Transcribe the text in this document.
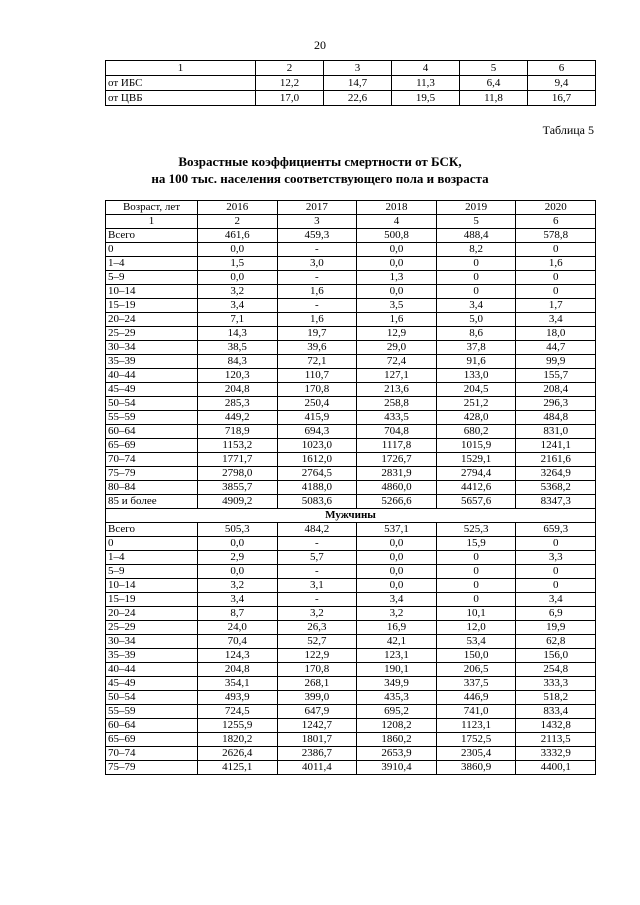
20
1	2	3	4	5	6
от ИБС	12,2	14,7	11,3	6,4	9,4
от ЦВБ	17,0	22,6	19,5	11,8	16,7
Таблица 5
Возрастные коэффициенты смертности от БСК,
на 100 тыс. населения соответствующего пола и возраста
Возраст, лет	2016	2017	2018	2019	2020
1	2	3	4	5	6
Всего	461,6	459,3	500,8	488,4	578,8
0	0,0	-	0,0	8,2	0
1–4	1,5	3,0	0,0	0	1,6
5–9	0,0	-	1,3	0	0
10–14	3,2	1,6	0,0	0	0
15–19	3,4	-	3,5	3,4	1,7
20–24	7,1	1,6	1,6	5,0	3,4
25–29	14,3	19,7	12,9	8,6	18,0
30–34	38,5	39,6	29,0	37,8	44,7
35–39	84,3	72,1	72,4	91,6	99,9
40–44	120,3	110,7	127,1	133,0	155,7
45–49	204,8	170,8	213,6	204,5	208,4
50–54	285,3	250,4	258,8	251,2	296,3
55–59	449,2	415,9	433,5	428,0	484,8
60–64	718,9	694,3	704,8	680,2	831,0
65–69	1153,2	1023,0	1117,8	1015,9	1241,1
70–74	1771,7	1612,0	1726,7	1529,1	2161,6
75–79	2798,0	2764,5	2831,9	2794,4	3264,9
80–84	3855,7	4188,0	4860,0	4412,6	5368,2
85 и более	4909,2	5083,6	5266,6	5657,6	8347,3
Мужчины					
Всего	505,3	484,2	537,1	525,3	659,3
0	0,0	-	0,0	15,9	0
1–4	2,9	5,7	0,0	0	3,3
5–9	0,0	-	0,0	0	0
10–14	3,2	3,1	0,0	0	0
15–19	3,4	-	3,4	0	3,4
20–24	8,7	3,2	3,2	10,1	6,9
25–29	24,0	26,3	16,9	12,0	19,9
30–34	70,4	52,7	42,1	53,4	62,8
35–39	124,3	122,9	123,1	150,0	156,0
40–44	204,8	170,8	190,1	206,5	254,8
45–49	354,1	268,1	349,9	337,5	333,3
50–54	493,9	399,0	435,3	446,9	518,2
55–59	724,5	647,9	695,2	741,0	833,4
60–64	1255,9	1242,7	1208,2	1123,1	1432,8
65–69	1820,2	1801,7	1860,2	1752,5	2113,5
70–74	2626,4	2386,7	2653,9	2305,4	3332,9
75–79	4125,1	4011,4	3910,4	3860,9	4400,1
